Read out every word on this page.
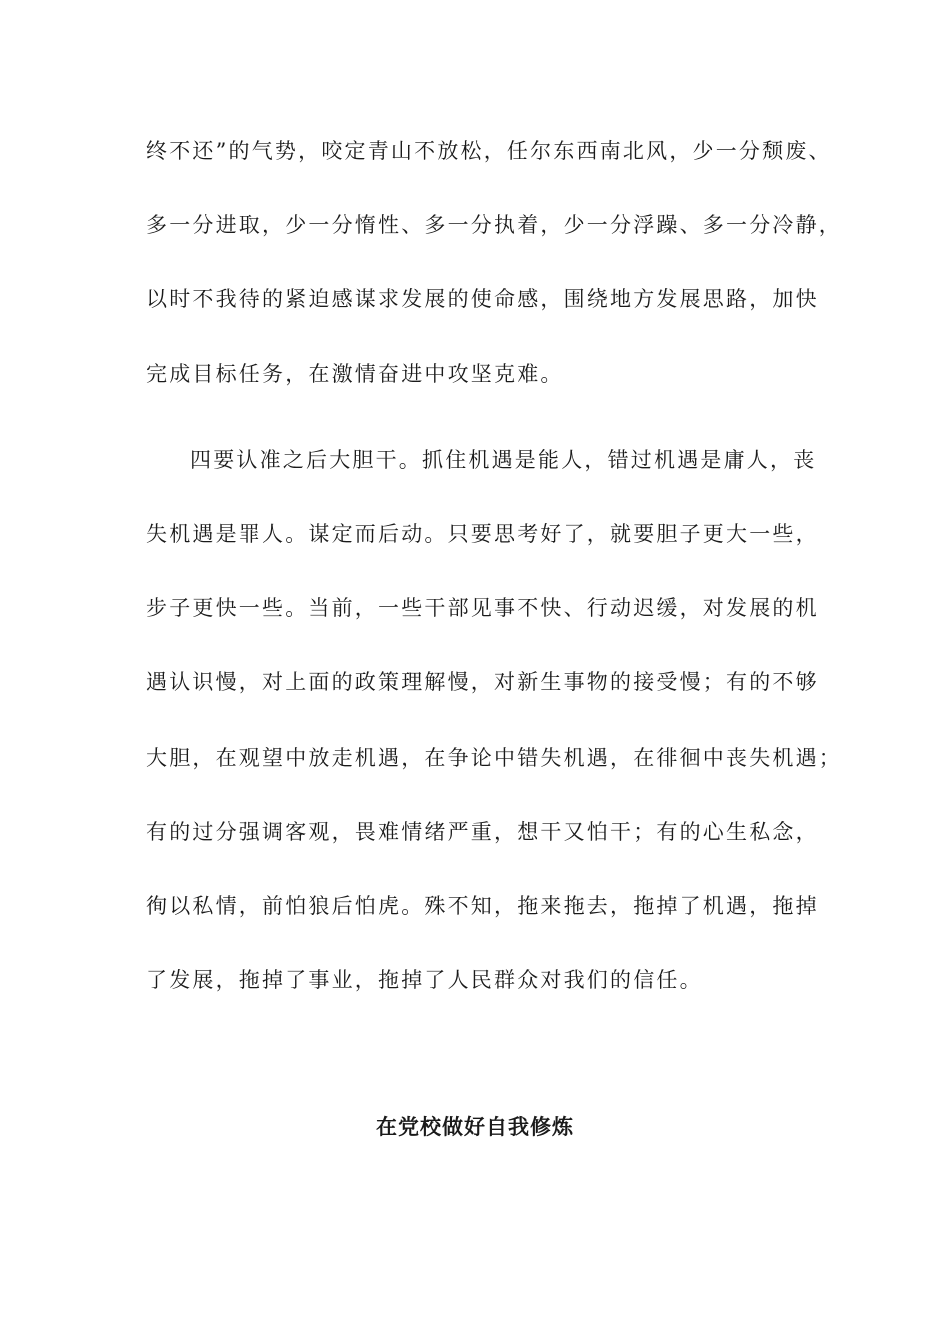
终不还”的气势，咬定青山不放松，任尔东西南北风，少一分颓废、
多一分进取，少一分惰性、多一分执着，少一分浮躁、多一分冷静，
以时不我待的紧迫感谋求发展的使命感，围绕地方发展思路，加快
完成目标任务，在激情奋进中攻坚克难。
四要认准之后大胆干。抓住机遇是能人，错过机遇是庸人，丧
失机遇是罪人。谋定而后动。只要思考好了，就要胆子更大一些，
步子更快一些。当前，一些干部见事不快、行动迟缓，对发展的机
遇认识慢，对上面的政策理解慢，对新生事物的接受慢；有的不够
大胆，在观望中放走机遇，在争论中错失机遇，在徘徊中丧失机遇；
有的过分强调客观，畏难情绪严重，想干又怕干；有的心生私念，
徇以私情，前怕狼后怕虎。殊不知，拖来拖去，拖掉了机遇，拖掉
了发展，拖掉了事业，拖掉了人民群众对我们的信任。
在党校做好自我修炼
